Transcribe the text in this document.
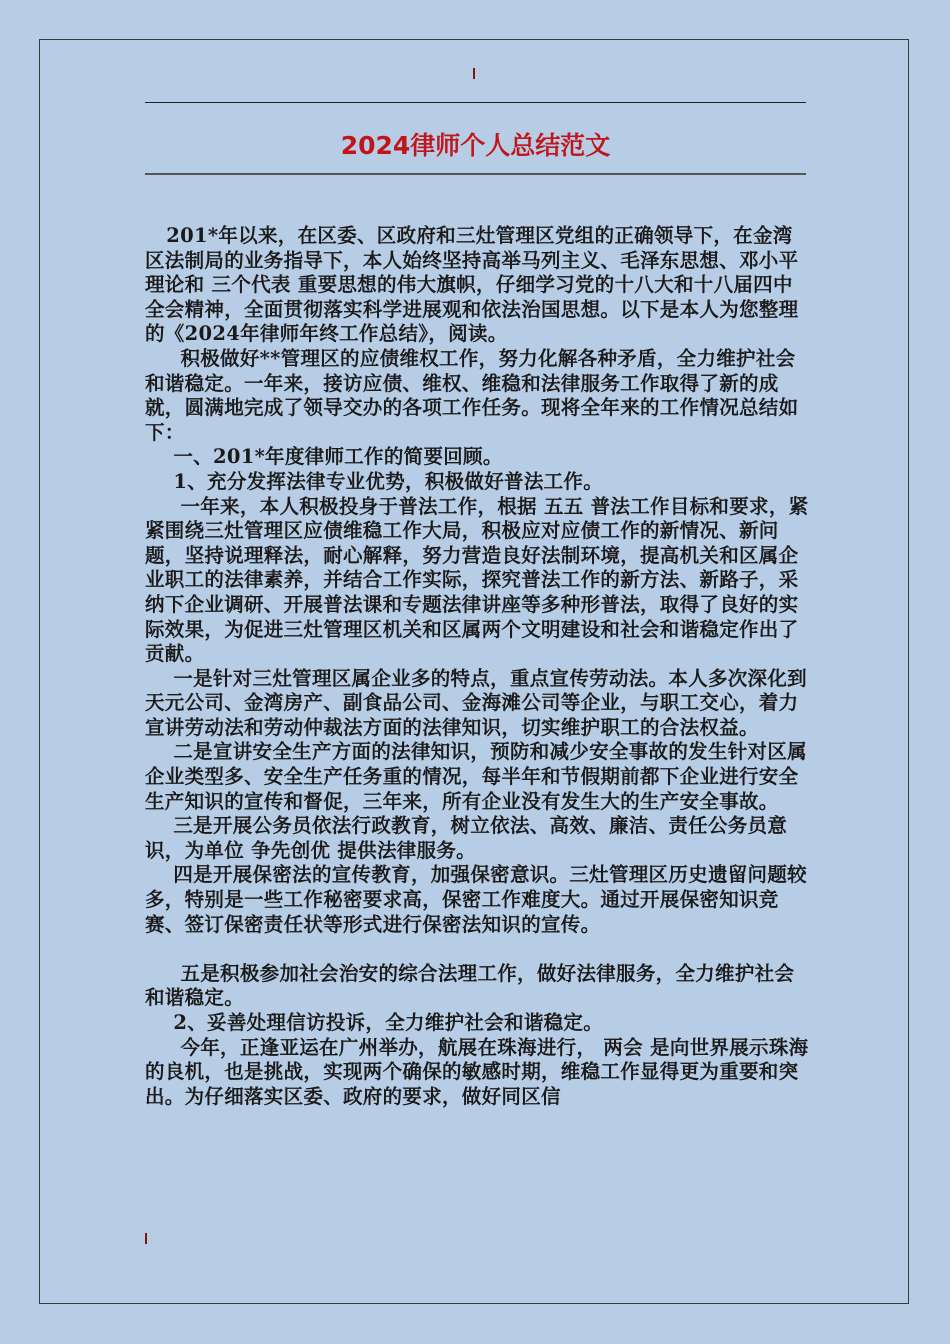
2024律师个人总结范文

201*年以来，在区委、区政府和三灶管理区党组的正确领导下，在金湾区法制局的业务指导下，本人始终坚持高举马列主义、毛泽东思想、邓小平理论和 三个代表 重要思想的伟大旗帜，仔细学习党的十八大和十八届四中全会精神，全面贯彻落实科学进展观和依法治国思想。以下是本人为您整理的《2024年律师年终工作总结》，阅读。

积极做好**管理区的应债维权工作，努力化解各种矛盾，全力维护社会和谐稳定。一年来，接访应债、维权、维稳和法律服务工作取得了新的成就，圆满地完成了领导交办的各项工作任务。现将全年来的工作情况总结如下：

一、201*年度律师工作的简要回顾。

1、充分发挥法律专业优势，积极做好普法工作。

一年来，本人积极投身于普法工作，根据 五五 普法工作目标和要求，紧紧围绕三灶管理区应债维稳工作大局，积极应对应债工作的新情况、新问题，坚持说理释法，耐心解释，努力营造良好法制环境，提高机关和区属企业职工的法律素养，并结合工作实际，探究普法工作的新方法、新路子，采纳下企业调研、开展普法课和专题法律讲座等多种形普法，取得了良好的实际效果，为促进三灶管理区机关和区属两个文明建设和社会和谐稳定作出了贡献。

一是针对三灶管理区属企业多的特点，重点宣传劳动法。本人多次深化到天元公司、金湾房产、副食品公司、金海滩公司等企业，与职工交心，着力宣讲劳动法和劳动仲裁法方面的法律知识，切实维护职工的合法权益。

二是宣讲安全生产方面的法律知识，预防和减少安全事故的发生针对区属企业类型多、安全生产任务重的情况，每半年和节假期前都下企业进行安全生产知识的宣传和督促，三年来，所有企业没有发生大的生产安全事故。

三是开展公务员依法行政教育，树立依法、高效、廉洁、责任公务员意识，为单位 争先创优 提供法律服务。

四是开展保密法的宣传教育，加强保密意识。三灶管理区历史遗留问题较多，特别是一些工作秘密要求高，保密工作难度大。通过开展保密知识竞赛、签订保密责任状等形式进行保密法知识的宣传。

五是积极参加社会治安的综合法理工作，做好法律服务，全力维护社会和谐稳定。

2、妥善处理信访投诉，全力维护社会和谐稳定。

今年，正逢亚运在广州举办，航展在珠海进行， 两会 是向世界展示珠海的良机，也是挑战，实现两个确保的敏感时期，维稳工作显得更为重要和突出。为仔细落实区委、政府的要求，做好同区信
